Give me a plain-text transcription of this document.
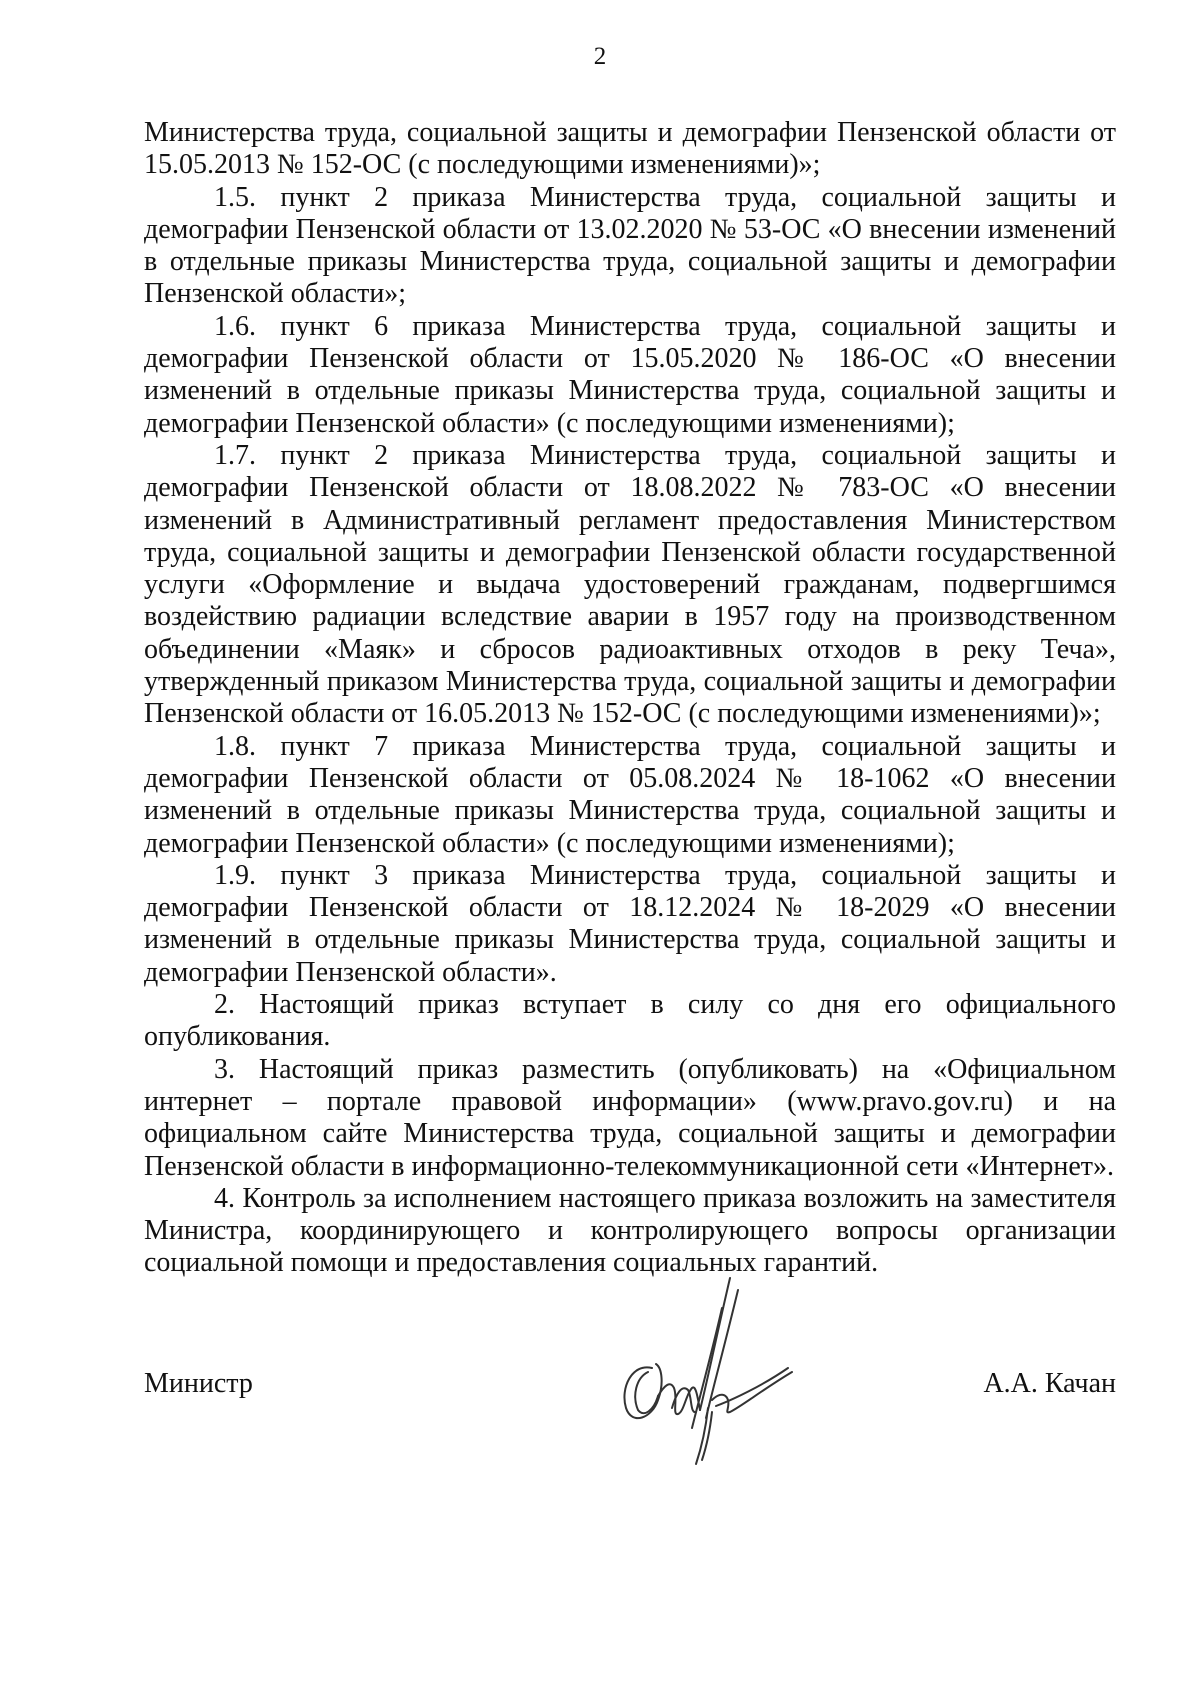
2

Министерства труда, социальной защиты и демографии Пензенской области от 15.05.2013 № 152-ОС (с последующими изменениями)»;

1.5. пункт 2 приказа Министерства труда, социальной защиты и демографии Пензенской области от 13.02.2020 № 53-ОС «О внесении изменений в отдельные приказы Министерства труда, социальной защиты и демографии Пензенской области»;

1.6. пункт 6 приказа Министерства труда, социальной защиты и демографии Пензенской области от 15.05.2020 № 186-ОС «О внесении изменений в отдельные приказы Министерства труда, социальной защиты и демографии Пензенской области» (с последующими изменениями);

1.7. пункт 2 приказа Министерства труда, социальной защиты и демографии Пензенской области от 18.08.2022 № 783-ОС «О внесении изменений в Административный регламент предоставления Министерством труда, социальной защиты и демографии Пензенской области государственной услуги «Оформление и выдача удостоверений гражданам, подвергшимся воздействию радиации вследствие аварии в 1957 году на производственном объединении «Маяк» и сбросов радиоактивных отходов в реку Теча», утвержденный приказом Министерства труда, социальной защиты и демографии Пензенской области от 16.05.2013 № 152-ОС (с последующими изменениями)»;

1.8. пункт 7 приказа Министерства труда, социальной защиты и демографии Пензенской области от 05.08.2024 № 18-1062 «О внесении изменений в отдельные приказы Министерства труда, социальной защиты и демографии Пензенской области» (с последующими изменениями);

1.9. пункт 3 приказа Министерства труда, социальной защиты и демографии Пензенской области от 18.12.2024 № 18-2029 «О внесении изменений в отдельные приказы Министерства труда, социальной защиты и демографии Пензенской области».

2. Настоящий приказ вступает в силу со дня его официального опубликования.

3. Настоящий приказ разместить (опубликовать) на «Официальном интернет – портале правовой информации» (www.pravo.gov.ru) и на официальном сайте Министерства труда, социальной защиты и демографии Пензенской области в информационно-телекоммуникационной сети «Интернет».

4. Контроль за исполнением настоящего приказа возложить на заместителя Министра, координирующего и контролирующего вопросы организации социальной помощи и предоставления социальных гарантий.

Министр	А.А. Качан
